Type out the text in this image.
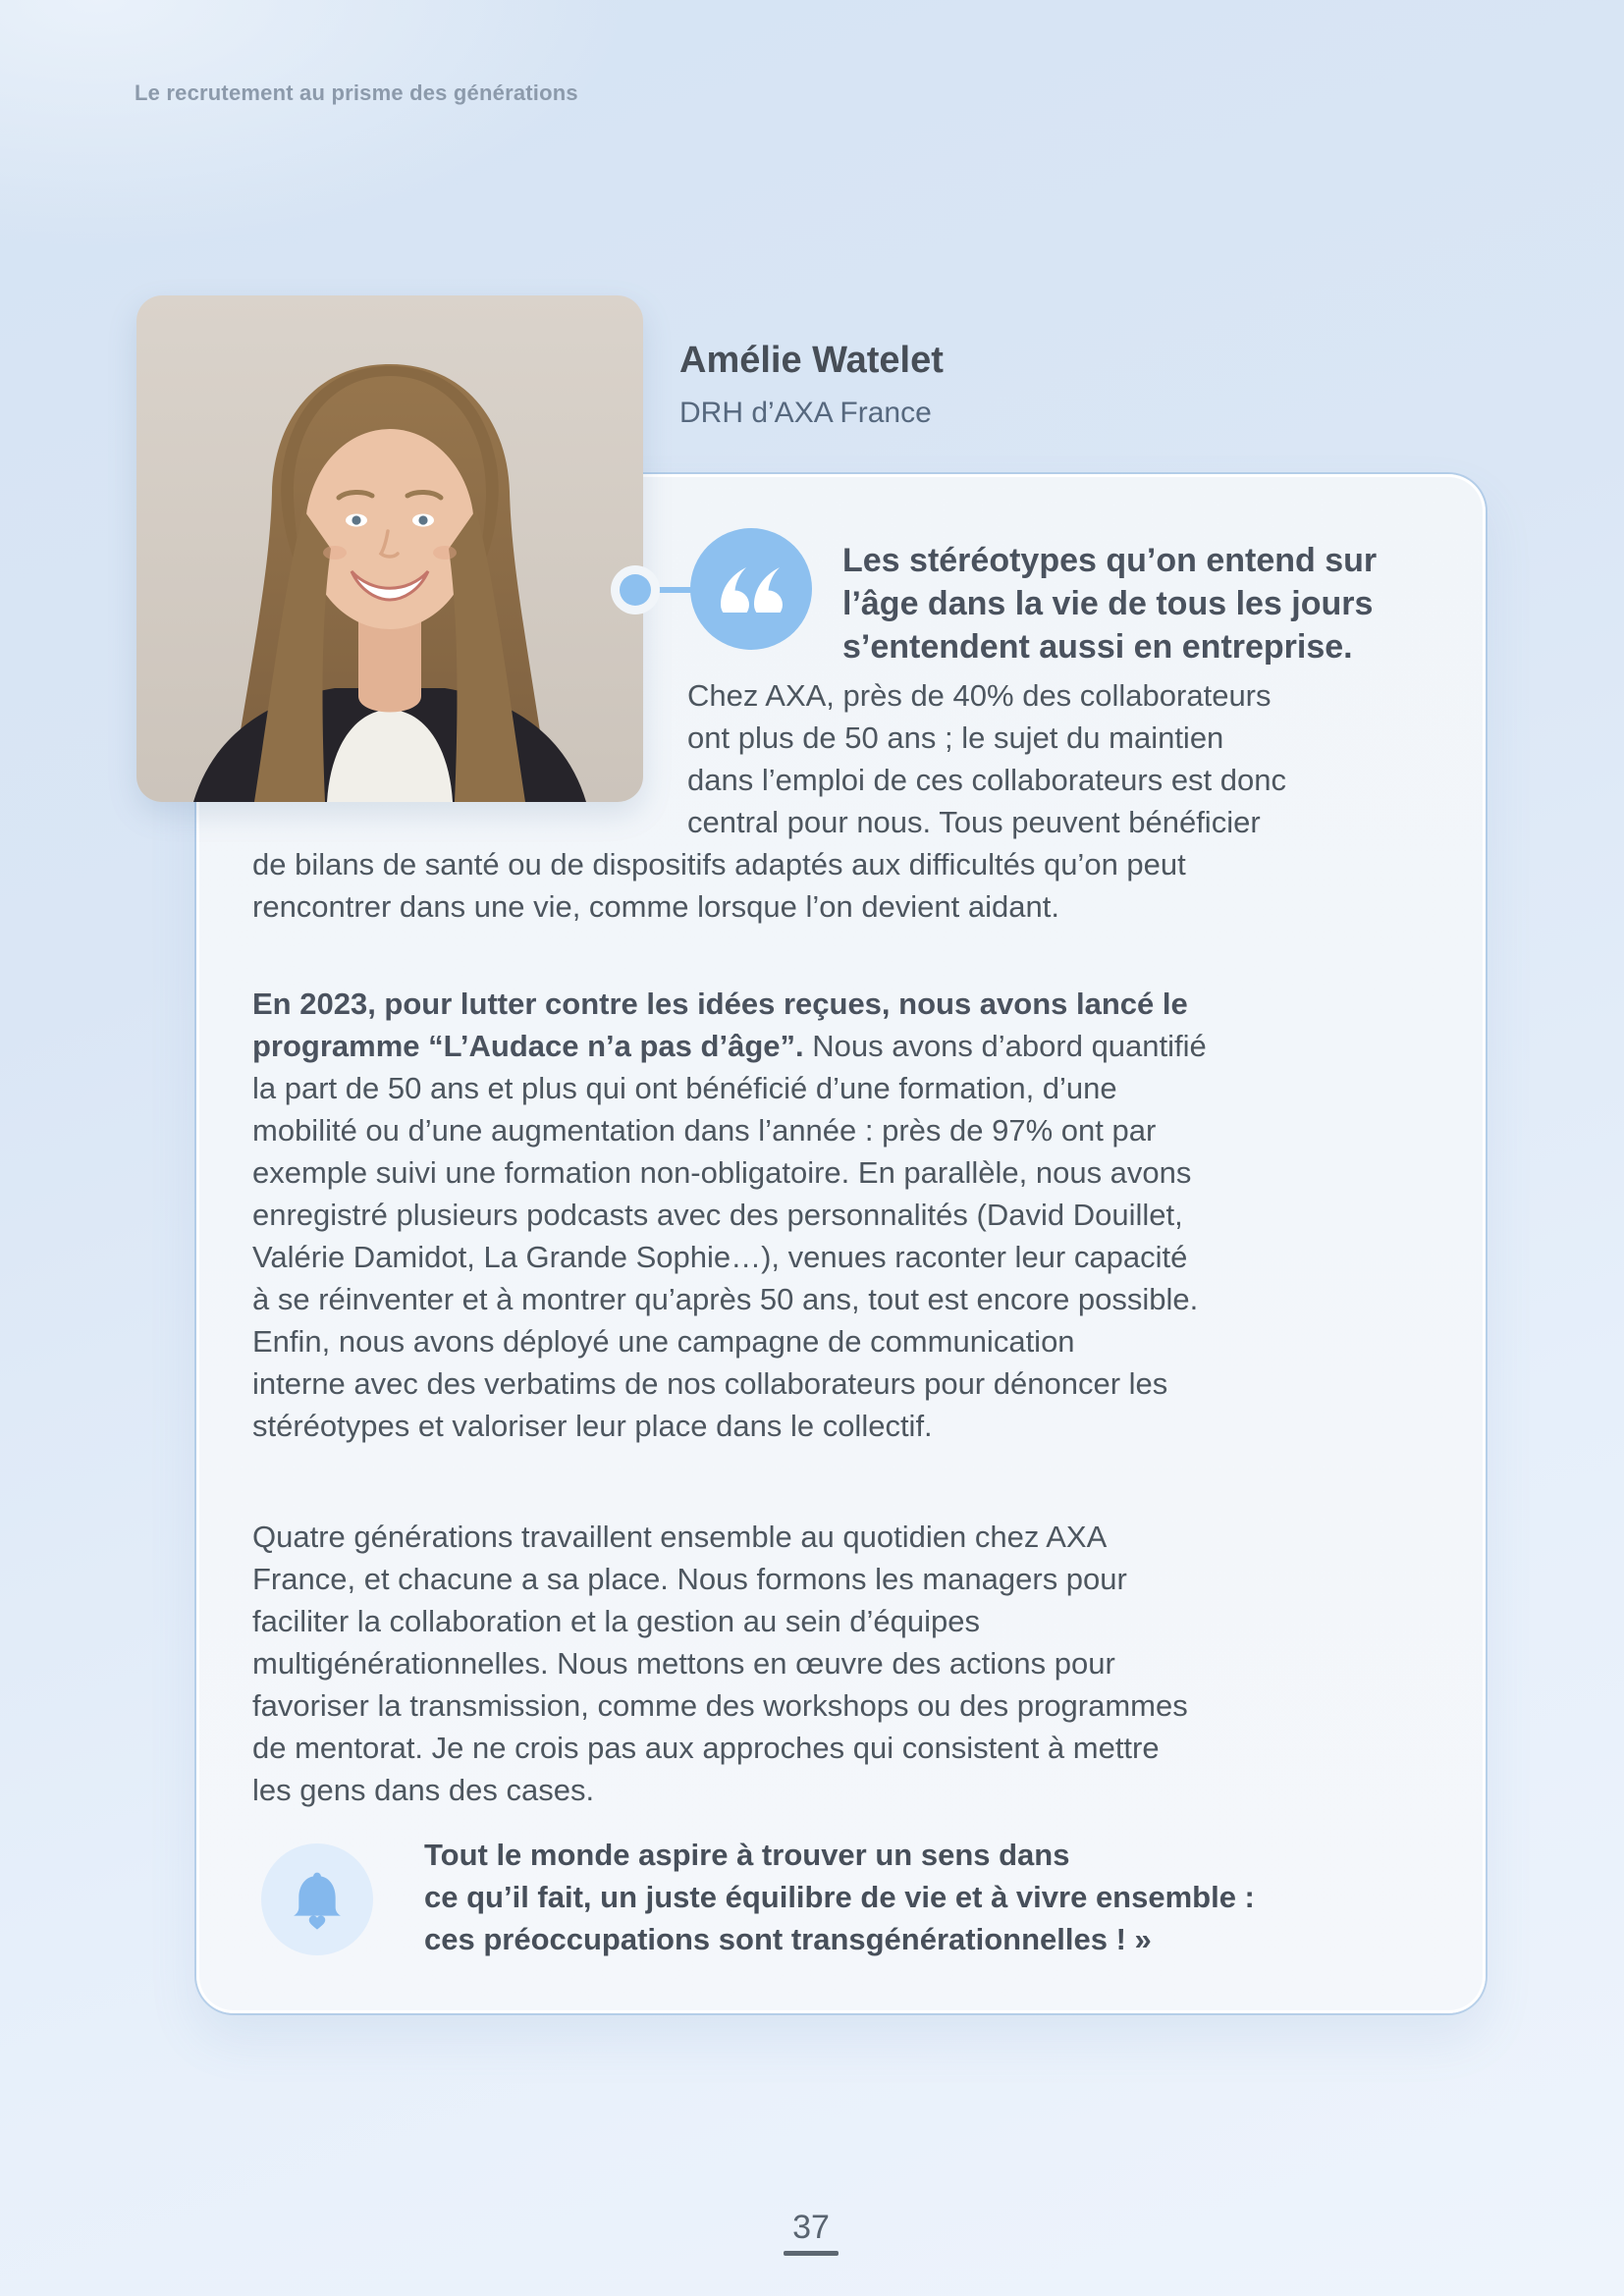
Le recrutement au prisme des générations
Amélie Watelet
DRH d’AXA France
Les stéréotypes qu’on entend sur
l’âge dans la vie de tous les jours
s’entendent aussi en entreprise.
Chez AXA, près de 40% des collaborateurs
ont plus de 50 ans ; le sujet du maintien
dans l’emploi de ces collaborateurs est donc
central pour nous. Tous peuvent bénéficier
de bilans de santé ou de dispositifs adaptés aux difficultés qu’on peut
rencontrer dans une vie, comme lorsque l’on devient aidant.
En 2023, pour lutter contre les idées reçues, nous avons lancé le
programme “L’Audace n’a pas d’âge”. Nous avons d’abord quantifié
la part de 50 ans et plus qui ont bénéficié d’une formation, d’une
mobilité ou d’une augmentation dans l’année : près de 97% ont par
exemple suivi une formation non-obligatoire. En parallèle, nous avons
enregistré plusieurs podcasts avec des personnalités (David Douillet,
Valérie Damidot, La Grande Sophie…), venues raconter leur capacité
à se réinventer et à montrer qu’après 50 ans, tout est encore possible.
Enfin, nous avons déployé une campagne de communication
interne avec des verbatims de nos collaborateurs pour dénoncer les
stéréotypes et valoriser leur place dans le collectif.
Quatre générations travaillent ensemble au quotidien chez AXA
France, et chacune a sa place. Nous formons les managers pour
faciliter la collaboration et la gestion au sein d’équipes
multigénérationnelles. Nous mettons en œuvre des actions pour
favoriser la transmission, comme des workshops ou des programmes
de mentorat. Je ne crois pas aux approches qui consistent à mettre
les gens dans des cases.
Tout le monde aspire à trouver un sens dans
ce qu’il fait, un juste équilibre de vie et à vivre ensemble :
ces préoccupations sont transgénérationnelles ! »
37
